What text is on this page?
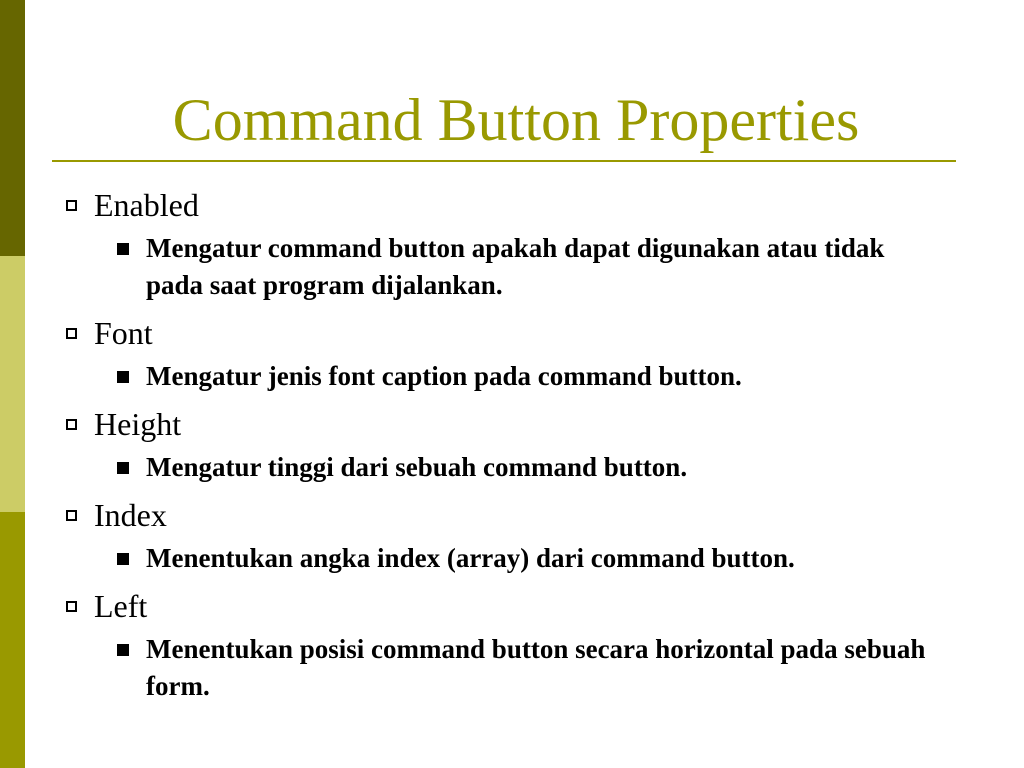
Command Button Properties
Enabled
Mengatur command button apakah dapat digunakan atau tidak pada saat program dijalankan.
Font
Mengatur jenis font caption pada command button.
Height
Mengatur tinggi dari sebuah command button.
Index
Menentukan angka index (array) dari command button.
Left
Menentukan posisi command button secara horizontal pada sebuah form.
